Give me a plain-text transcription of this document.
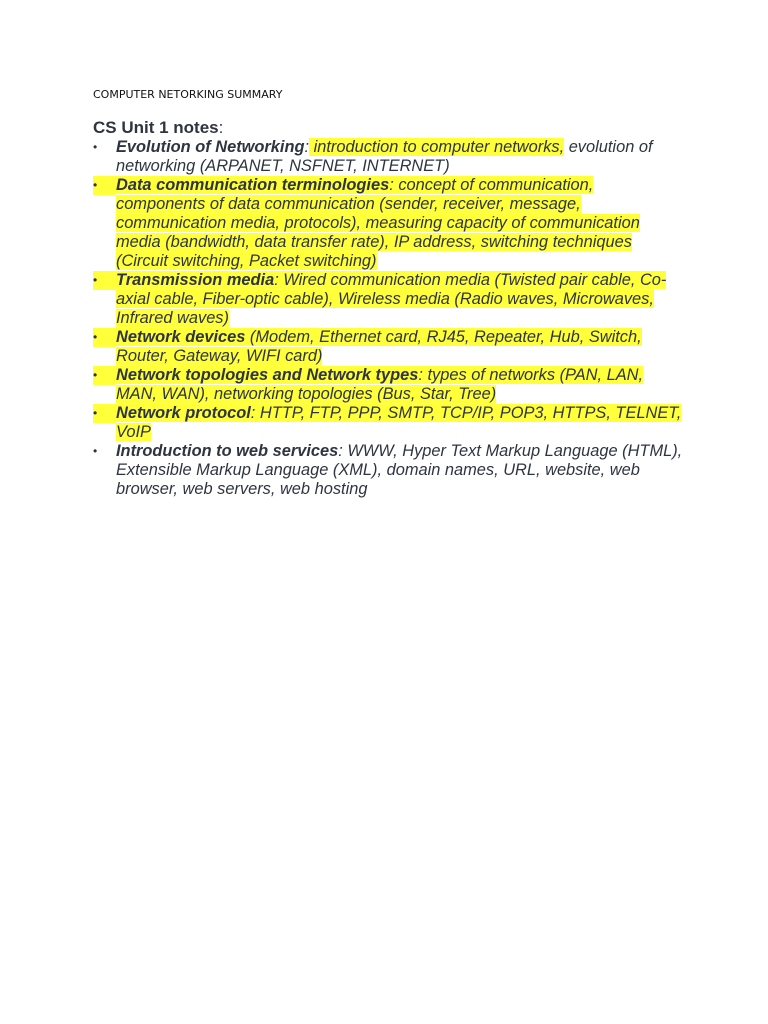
COMPUTER NETORKING SUMMARY

CS Unit 1 notes:

•	Evolution of Networking: introduction to computer networks, evolution of networking (ARPANET, NSFNET, INTERNET)
•	Data communication terminologies: concept of communication, components of data communication (sender, receiver, message, communication media, protocols), measuring capacity of communication media (bandwidth, data transfer rate), IP address, switching techniques (Circuit switching, Packet switching)
•	Transmission media: Wired communication media (Twisted pair cable, Co-axial cable, Fiber-optic cable), Wireless media (Radio waves, Microwaves, Infrared waves)
•	Network devices (Modem, Ethernet card, RJ45, Repeater, Hub, Switch, Router, Gateway, WIFI card)
•	Network topologies and Network types: types of networks (PAN, LAN, MAN, WAN), networking topologies (Bus, Star, Tree)
•	Network protocol: HTTP, FTP, PPP, SMTP, TCP/IP, POP3, HTTPS, TELNET, VoIP
•	Introduction to web services: WWW, Hyper Text Markup Language (HTML), Extensible Markup Language (XML), domain names, URL, website, web browser, web servers, web hosting
